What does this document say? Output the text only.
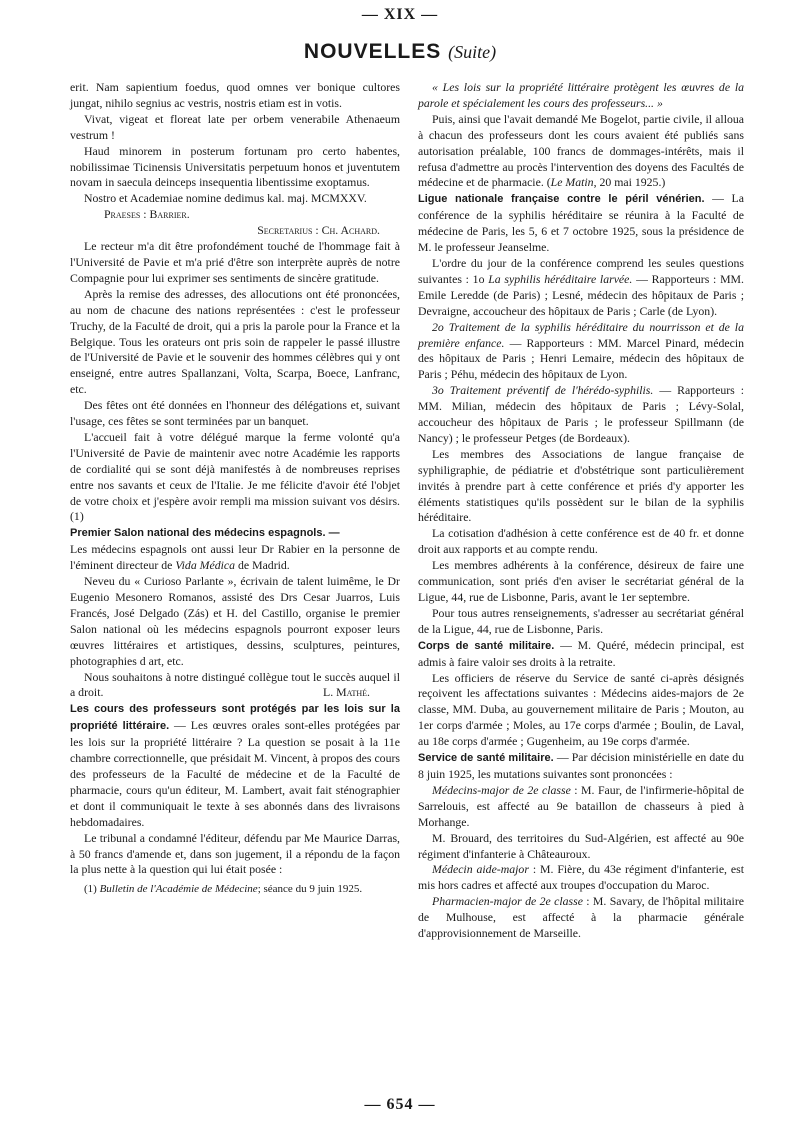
— XIX —
NOUVELLES (Suite)

erit. Nam sapientium foedus, quod omnes ver bonique cultores jungat, nihilo segnius ac vestris, nostris etiam est in votis.

Vivat, vigeat et floreat late per orbem venerabile Athenaeum vestrum !

Haud minorem in posterum fortunam pro certo habentes, nobilissimae Ticinensis Universitatis perpetuum honos et juventutem novam in saecula deinceps insequentia libentissime exoptamus.

Nostro et Academiae nomine dedimus kal. maj. MCMXXV.

Praeses : Barrier.

Secretarius : Ch. Achard.

Le recteur m'a dit être profondément touché de l'hommage fait à l'Université de Pavie et m'a prié d'être son interprète auprès de notre Compagnie pour lui exprimer ses sentiments de sincère gratitude.

Après la remise des adresses, des allocutions ont été prononcées, au nom de chacune des nations représentées : c'est le professeur Truchy, de la Faculté de droit, qui a pris la parole pour la France et la Belgique. Tous les orateurs ont pris soin de rappeler le passé illustre de l'Université de Pavie et le souvenir des hommes célèbres qui y ont enseigné, entre autres Spallanzani, Volta, Scarpa, Boece, Lanfranc, etc.

Des fêtes ont été données en l'honneur des délégations et, suivant l'usage, ces fêtes se sont terminées par un banquet.

L'accueil fait à votre délégué marque la ferme volonté qu'a l'Université de Pavie de maintenir avec notre Académie les rapports de cordialité qui se sont déjà manifestés à de nombreuses reprises entre nos savants et ceux de l'Italie. Je me félicite d'avoir été l'objet de votre choix et j'espère avoir rempli ma mission suivant vos désirs. (1)

Premier Salon national des médecins espagnols. —

Les médecins espagnols ont aussi leur Dr Rabier en la personne de l'éminent directeur de Vida Médica de Madrid.

Neveu du « Curioso Parlante », écrivain de talent luimême, le Dr Eugenio Mesonero Romanos, assisté des Drs Cesar Juarros, Luis Francés, José Delgado (Zás) et H. del Castillo, organise le premier Salon national où les médecins espagnols pourront exposer leurs œuvres littéraires et artistiques, dessins, sculptures, peintures, photographies d art, etc.

Nous souhaitons à notre distingué collègue tout le succès auquel il a droit.	L. Mathé.

Les cours des professeurs sont protégés par les lois sur la propriété littéraire. — Les œuvres orales sont-elles protégées par les lois sur la propriété littéraire ? La question se posait à la 11e chambre correctionnelle, que présidait M. Vincent, à propos des cours des professeurs de la Faculté de médecine et de la Faculté de pharmacie, cours qu'un éditeur, M. Lambert, avait fait sténographier et dont il communiquait le texte à ses abonnés dans des livraisons hebdomadaires.

Le tribunal a condamné l'éditeur, défendu par Me Maurice Darras, à 50 francs d'amende et, dans son jugement, il a répondu de la façon la plus nette à la question qui lui était posée :

(1) Bulletin de l'Académie de Médecine; séance du 9 juin 1925.

« Les lois sur la propriété littéraire protègent les œuvres de la parole et spécialement les cours des professeurs... »

Puis, ainsi que l'avait demandé Me Bogelot, partie civile, il alloua à chacun des professeurs dont les cours avaient été publiés sans autorisation préalable, 100 francs de dommages-intérêts, mais il refusa d'admettre au procès l'intervention des doyens des Facultés de médecine et de pharmacie. (Le Matin, 20 mai 1925.)

Ligue nationale française contre le péril vénérien. — La conférence de la syphilis héréditaire se réunira à la Faculté de médecine de Paris, les 5, 6 et 7 octobre 1925, sous la présidence de M. le professeur Jeanselme.

L'ordre du jour de la conférence comprend les seules questions suivantes : 1o La syphilis héréditaire larvée. — Rapporteurs : MM. Emile Leredde (de Paris) ; Lesné, médecin des hôpitaux de Paris ; Devraigne, accoucheur des hôpitaux de Paris ; Carle (de Lyon).

2o Traitement de la syphilis héréditaire du nourrisson et de la première enfance. — Rapporteurs : MM. Marcel Pinard, médecin des hôpitaux de Paris ; Henri Lemaire, médecin des hôpitaux de Paris ; Péhu, médecin des hôpitaux de Lyon.

3o Traitement préventif de l'hérédo-syphilis. — Rapporteurs : MM. Milian, médecin des hôpitaux de Paris ; Lévy-Solal, accoucheur des hôpitaux de Paris ; le professeur Spillmann (de Nancy) ; le professeur Petges (de Bordeaux).

Les membres des Associations de langue française de syphiligraphie, de pédiatrie et d'obstétrique sont particulièrement invités à prendre part à cette conférence et priés d'y apporter les éléments statistiques qu'ils possèdent sur le bilan de la syphilis héréditaire.

La cotisation d'adhésion à cette conférence est de 40 fr. et donne droit aux rapports et au compte rendu.

Les membres adhérents à la conférence, désireux de faire une communication, sont priés d'en aviser le secrétariat général de la Ligue, 44, rue de Lisbonne, Paris, avant le 1er septembre.

Pour tous autres renseignements, s'adresser au secrétariat général de la Ligue, 44, rue de Lisbonne, Paris.

Corps de santé militaire. — M. Quéré, médecin principal, est admis à faire valoir ses droits à la retraite.

Les officiers de réserve du Service de santé ci-après désignés reçoivent les affectations suivantes : Médecins aides-majors de 2e classe, MM. Duba, au gouvernement militaire de Paris ; Mouton, au 1er corps d'armée ; Moles, au 17e corps d'armée ; Boulin, de Laval, au 18e corps d'armée ; Gugenheim, au 19e corps d'armée.

Service de santé militaire. — Par décision ministérielle en date du 8 juin 1925, les mutations suivantes sont prononcées :

Médecins-major de 2e classe : M. Faur, de l'infirmerie-hôpital de Sarrelouis, est affecté au 9e bataillon de chasseurs à pied à Morhange.

M. Brouard, des territoires du Sud-Algérien, est affecté au 90e régiment d'infanterie à Châteauroux.

Médecin aide-major : M. Fière, du 43e régiment d'infanterie, est mis hors cadres et affecté aux troupes d'occupation du Maroc.

Pharmacien-major de 2e classe : M. Savary, de l'hôpital militaire de Mulhouse, est affecté à la pharmacie générale d'approvisionnement de Marseille.

— 654 —
